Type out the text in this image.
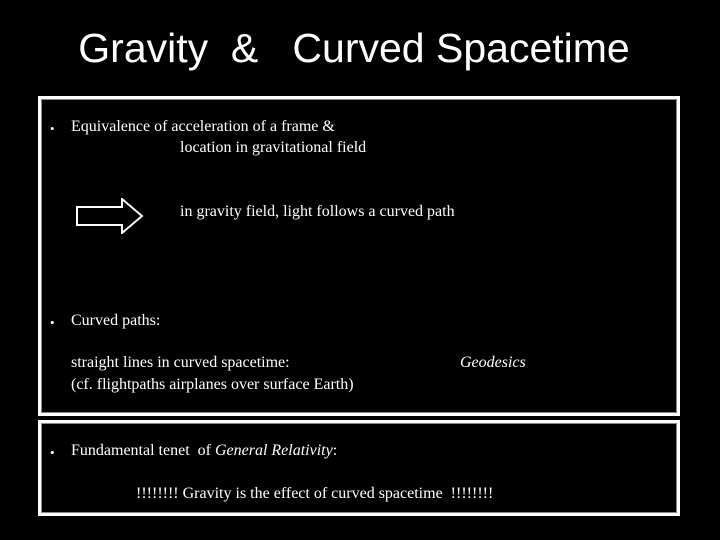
Gravity  &   Curved Spacetime
• Equivalence of acceleration of a frame &
location in gravitational field
in gravity field, light follows a curved path
• Curved paths:
straight lines in curved spacetime:
(cf. flightpaths airplanes over surface Earth)
Geodesics
• Fundamental tenet  of General Relativity:
!!!!!!!! Gravity is the effect of curved spacetime !!!!!!!!
